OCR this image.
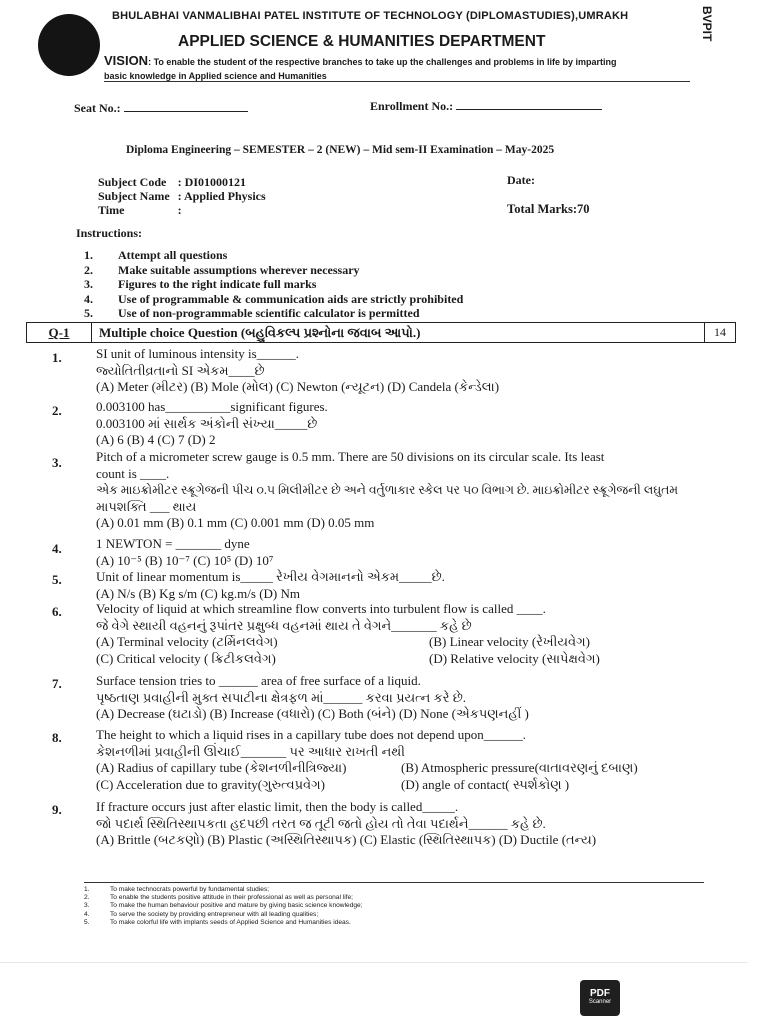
BITE
BHULABHAI VANMALIBHAI PATEL INSTITUTE OF TECHNOLOGY (DIPLOMASTUDIES),UMRAKH	BVPIT
APPLIED SCIENCE & HUMANITIES DEPARTMENT
VISION: To enable the student of the respective branches to take up the challenges and problems in life by imparting
basic knowledge in Applied science and Humanities
Seat No.:	Enrollment No.:
Diploma Engineering – SEMESTER – 2 (NEW) – Mid sem-II Examination – May-2025
Subject Code	: DI01000121
Subject Name	: Applied Physics
Time	:
Date:
Total Marks:70
Instructions:
1. Attempt all questions
2. Make suitable assumptions wherever necessary
3. Figures to the right indicate full marks
4. Use of programmable & communication aids are strictly prohibited
5. Use of non-programmable scientific calculator is permitted
Q-1	Multiple choice Question (બહુવિકલ્પ પ્રશ્નોના જવાબ આપો.)	14
1.	SI unit of luminous intensity is______.
જ્યોતિતીવ્રતાનો SI એકમ____છે
(A) Meter (મીટર) (B) Mole (મોલ) (C) Newton (ન્યૂટન) (D) Candela (કેન્ડેલા)
2.	0.003100 has__________significant figures.
0.003100 માં સાર્થક અંકોની સંખ્યા_____છે
(A) 6 (B) 4 (C) 7 (D) 2
3.	Pitch of a micrometer screw gauge is 0.5 mm. There are 50 divisions on its circular scale. Its least
count is ____.
એક માઇક્રોમીટર સ્ક્રૂગેજની પીચ ૦.૫ મિલીમીટર છે અને વર્તુળાકાર સ્કેલ પર ૫૦ વિભાગ છે. માઇક્રોમીટર સ્ક્રૂગેજની લઘુતમ
માપશક્તિ ___ થાય
(A) 0.01 mm (B) 0.1 mm (C) 0.001 mm (D) 0.05 mm
4.	1 NEWTON = _______ dyne
(A) 10⁻⁵ (B) 10⁻⁷ (C) 10⁵ (D) 10⁷
5.	Unit of linear momentum is_____ રેખીય વેગમાનનો એકમ_____છે.
(A) N/s (B) Kg s/m (C) kg.m/s (D) Nm
6.	Velocity of liquid at which streamline flow converts into turbulent flow is called ____.
જે વેગે સ્થાયી વહનનું રૂપાંતર પ્રક્ષુબ્ધ વહનમાં થાય તે વેગને_______ કહે છે
(A) Terminal velocity (ટર્મિનલવેગ)	(B) Linear velocity (રેખીયવેગ)
(C) Critical velocity ( ક્રિટીકલવેગ)	(D) Relative velocity (સાપેક્ષવેગ)
7.	Surface tension tries to ______ area of free surface of a liquid.
પૃષ્ઠતાણ પ્રવાહીની મુક્ત સપાટીના ક્ષેત્રફળ માં______ કરવા પ્રયત્ન કરે છે.
(A) Decrease (ઘટાડો) (B) Increase (વધારો) (C) Both (બંને) (D) None (એકપણનહીં )
8.	The height to which a liquid rises in a capillary tube does not depend upon______.
કેશનળીમાં પ્રવાહીની ઊંચાઈ_______ પર આધાર રાખતી નથી
(A) Radius of capillary tube (કેશનળીનીત્રિજ્યા)	(B) Atmospheric pressure(વાતાવરણનું દબાણ)
(C) Acceleration due to gravity(ગુરુત્વપ્રવેગ)	(D) angle of contact( સ્પર્શકોણ )
9.	If fracture occurs just after elastic limit, then the body is called_____.
જો પદાર્થ સ્થિતિસ્થાપકતા હદપછી તરત જ તૂટી જતો હોય તો તેવા પદાર્થને______ કહે છે.
(A) Brittle (બટકણો) (B) Plastic (અસ્થિતિસ્થાપક) (C) Elastic (સ્થિતિસ્થાપક) (D) Ductile (તન્ય)
1.	To make technocrats powerful by fundamental studies;
2.	To enable the students positive attitude in their professional as well as personal life;
3.	To make the human behaviour positive and mature by giving basic science knowledge;
4.	To serve the society by providing entrepreneur with all leading qualities;
5.	To make colorful life with implants seeds of Applied Science and Humanities ideas.
PDF
Scanner
